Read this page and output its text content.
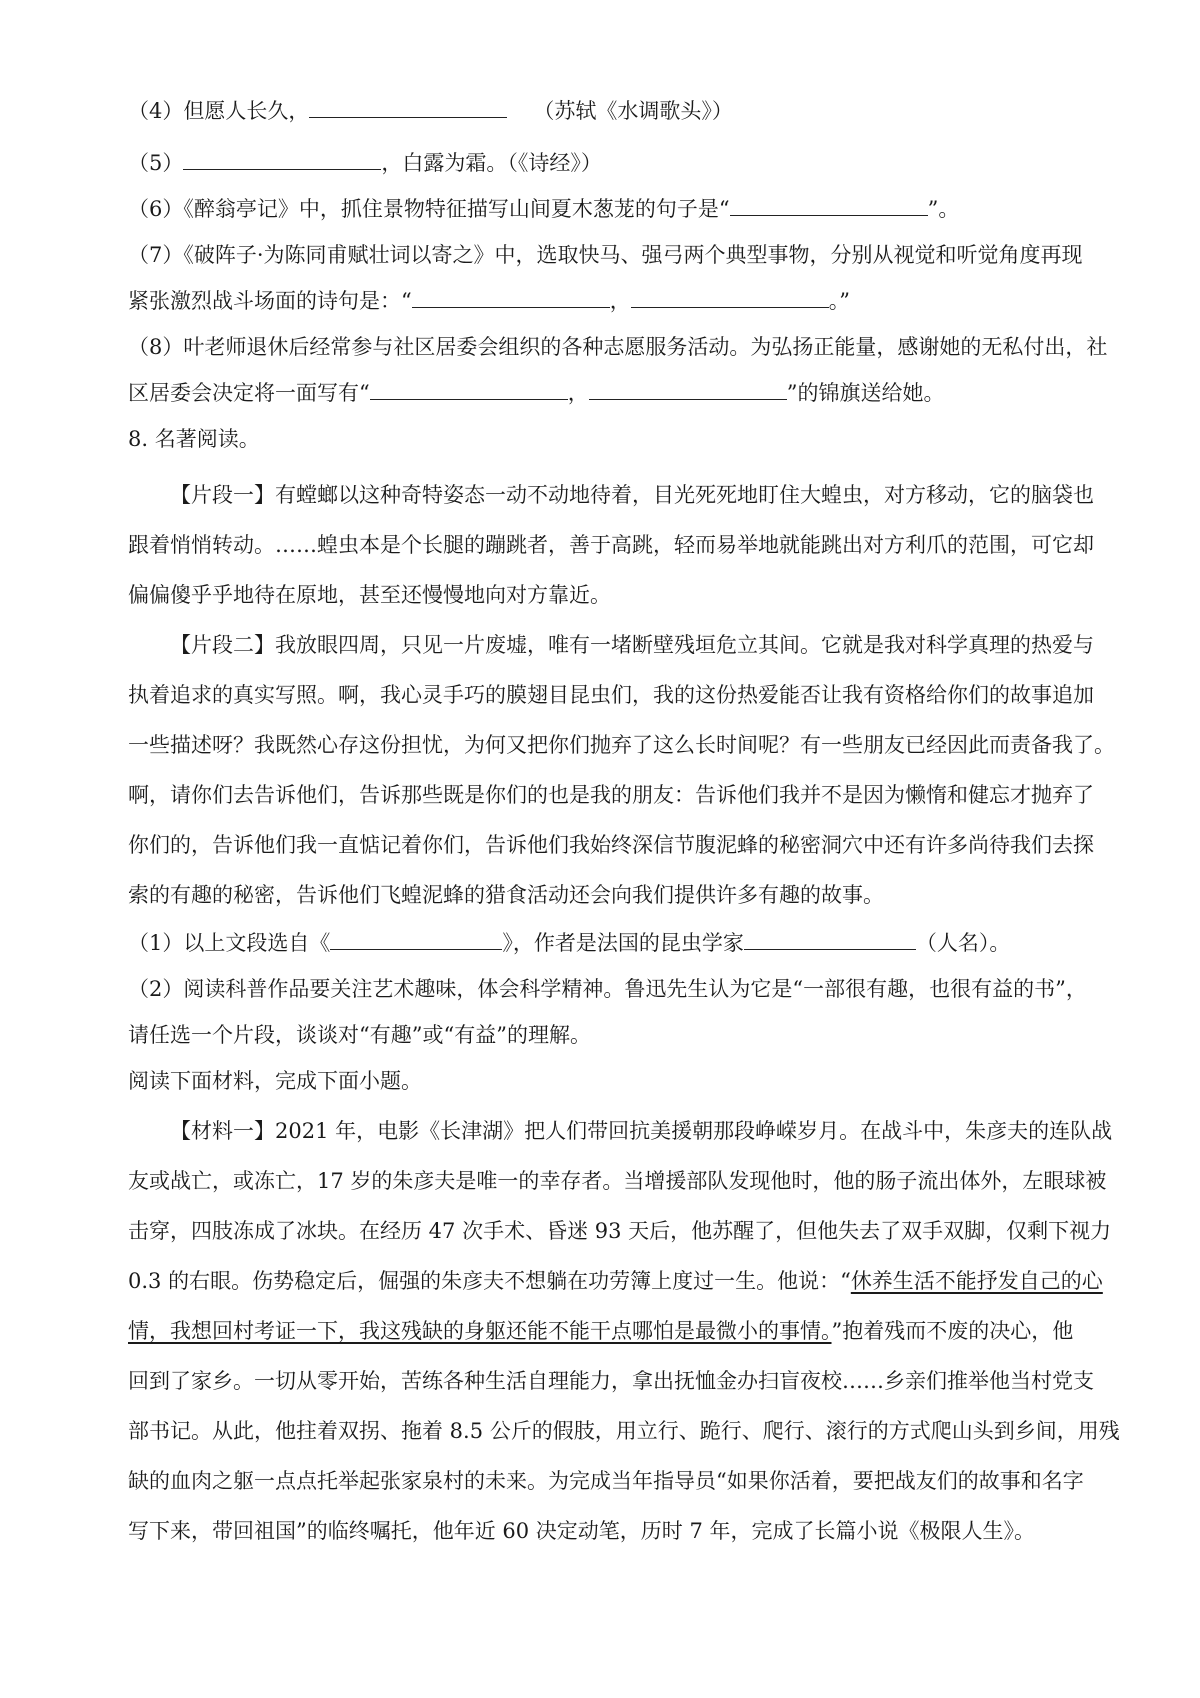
（4）但愿人长久，	（苏轼《水调歌头》）
（5）	，白露为霜。（《诗经》）
（6）《醉翁亭记》中，抓住景物特征描写山间夏木葱茏的句子是“	”。
（7）《破阵子·为陈同甫赋壮词以寄之》中，选取快马、强弓两个典型事物，分别从视觉和听觉角度再现
紧张激烈战斗场面的诗句是：“	，	。”
（8）叶老师退休后经常参与社区居委会组织的各种志愿服务活动。为弘扬正能量，感谢她的无私付出，社
区居委会决定将一面写有“	，	”的锦旗送给她。
8. 名著阅读。
【片段一】有螳螂以这种奇特姿态一动不动地待着，目光死死地盯住大蝗虫，对方移动，它的脑袋也
跟着悄悄转动。……蝗虫本是个长腿的蹦跳者，善于高跳，轻而易举地就能跳出对方利爪的范围，可它却
偏偏傻乎乎地待在原地，甚至还慢慢地向对方靠近。
【片段二】我放眼四周，只见一片废墟，唯有一堵断壁残垣危立其间。它就是我对科学真理的热爱与
执着追求的真实写照。啊，我心灵手巧的膜翅目昆虫们，我的这份热爱能否让我有资格给你们的故事追加
一些描述呀？我既然心存这份担忧，为何又把你们抛弃了这么长时间呢？有一些朋友已经因此而责备我了。
啊，请你们去告诉他们，告诉那些既是你们的也是我的朋友：告诉他们我并不是因为懒惰和健忘才抛弃了
你们的，告诉他们我一直惦记着你们，告诉他们我始终深信节腹泥蜂的秘密洞穴中还有许多尚待我们去探
索的有趣的秘密，告诉他们飞蝗泥蜂的猎食活动还会向我们提供许多有趣的故事。
（1）以上文段选自《	》，作者是法国的昆虫学家	（人名）。
（2）阅读科普作品要关注艺术趣味，体会科学精神。鲁迅先生认为它是“一部很有趣，也很有益的书”，
请任选一个片段，谈谈对“有趣”或“有益”的理解。
阅读下面材料，完成下面小题。
【材料一】2021 年，电影《长津湖》把人们带回抗美援朝那段峥嵘岁月。在战斗中，朱彦夫的连队战
友或战亡，或冻亡，17 岁的朱彦夫是唯一的幸存者。当增援部队发现他时，他的肠子流出体外，左眼球被
击穿，四肢冻成了冰块。在经历 47 次手术、昏迷 93 天后，他苏醒了，但他失去了双手双脚，仅剩下视力
0.3 的右眼。伤势稳定后，倔强的朱彦夫不想躺在功劳簿上度过一生。他说：“休养生活不能抒发自己的心
情，我想回村考证一下，我这残缺的身躯还能不能干点哪怕是最微小的事情。”抱着残而不废的决心，他
回到了家乡。一切从零开始，苦练各种生活自理能力，拿出抚恤金办扫盲夜校……乡亲们推举他当村党支
部书记。从此，他拄着双拐、拖着 8.5 公斤的假肢，用立行、跪行、爬行、滚行的方式爬山头到乡间，用残
缺的血肉之躯一点点托举起张家泉村的未来。为完成当年指导员“如果你活着，要把战友们的故事和名字
写下来，带回祖国”的临终嘱托，他年近 60 决定动笔，历时 7 年，完成了长篇小说《极限人生》。
